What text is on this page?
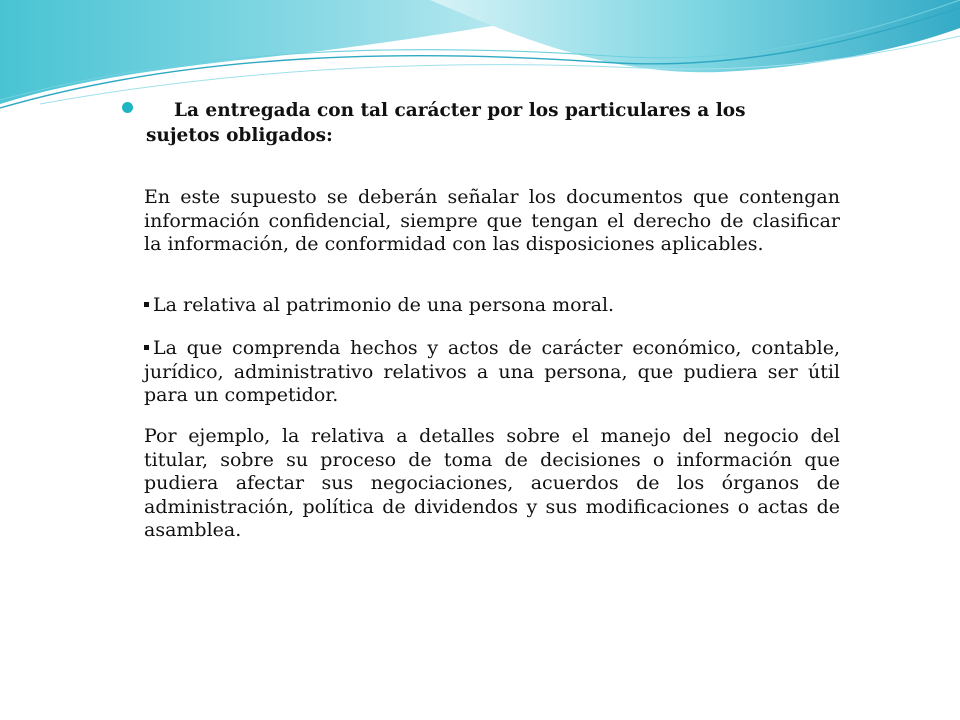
La entregada con tal carácter por los particulares a los sujetos obligados:

En este supuesto se deberán señalar los documentos que contengan información confidencial, siempre que tengan el derecho de clasificar la información, de conformidad con las disposiciones aplicables.

La relativa al patrimonio de una persona moral.

La que comprenda hechos y actos de carácter económico, contable, jurídico, administrativo relativos a una persona, que pudiera ser útil para un competidor.

Por ejemplo, la relativa a detalles sobre el manejo del negocio del titular, sobre su proceso de toma de decisiones o información que pudiera afectar sus negociaciones, acuerdos de los órganos de administración, política de dividendos y sus modificaciones o actas de asamblea.
